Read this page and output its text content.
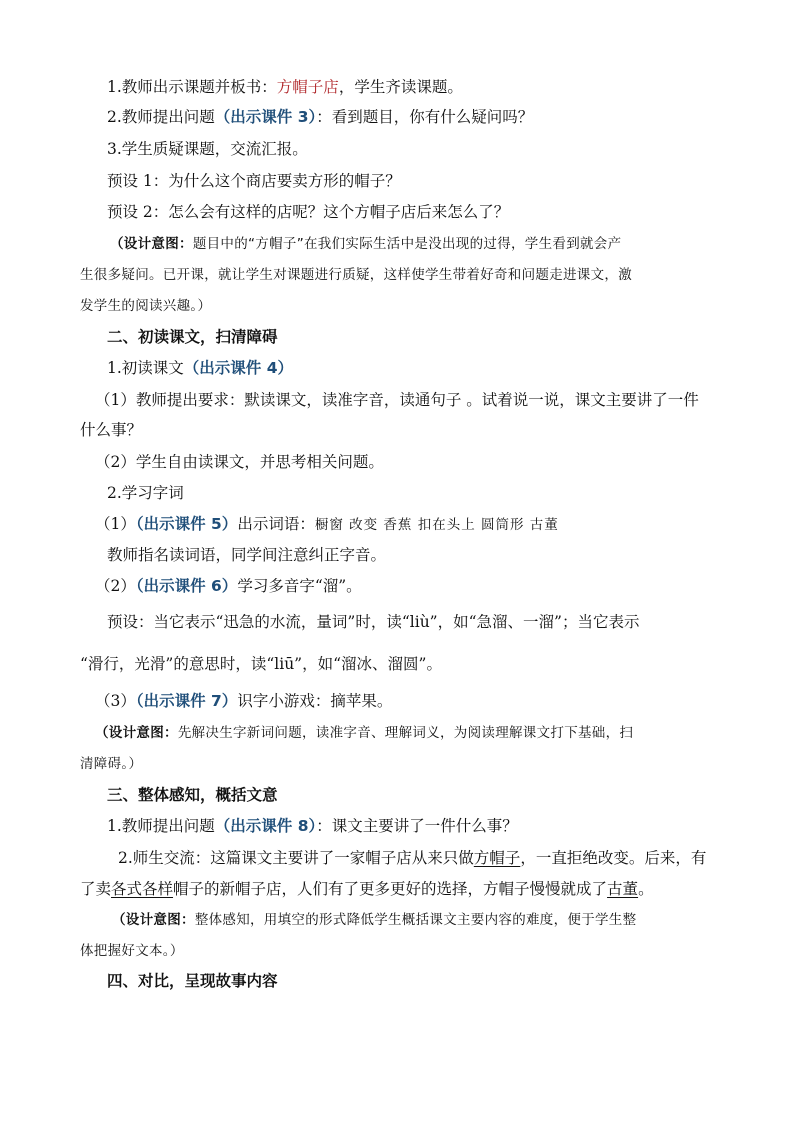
1.教师出示课题并板书：方帽子店，学生齐读课题。
2.教师提出问题（出示课件 3）：看到题目，你有什么疑问吗？
3.学生质疑课题，交流汇报。
预设 1：为什么这个商店要卖方形的帽子？
预设 2：怎么会有这样的店呢？这个方帽子店后来怎么了？
（设计意图：题目中的“方帽子”在我们实际生活中是没出现的过得，学生看到就会产
生很多疑问。已开课，就让学生对课题进行质疑，这样使学生带着好奇和问题走进课文，激
发学生的阅读兴趣。）
二、初读课文，扫清障碍
1.初读课文（出示课件 4）
（1）教师提出要求：默读课文，读准字音，读通句子 。试着说一说，课文主要讲了一件
什么事？
（2）学生自由读课文，并思考相关问题。
2.学习字词
（1）（出示课件 5）出示词语：橱窗 改变 香蕉 扣在头上 圆筒形 古董
教师指名读词语，同学间注意纠正字音。
（2）（出示课件 6）学习多音字“溜”。
预设：当它表示“迅急的水流，量词”时，读“liù”，如“急溜、一溜”；当它表示
“滑行，光滑”的意思时，读“liū”，如“溜冰、溜圆”。
（3）（出示课件 7）识字小游戏：摘苹果。
（设计意图：先解决生字新词问题，读准字音、理解词义，为阅读理解课文打下基础，扫
清障碍。）
三、整体感知，概括文意
1.教师提出问题（出示课件 8）：课文主要讲了一件什么事？
2.师生交流：这篇课文主要讲了一家帽子店从来只做方帽子，一直拒绝改变。后来，有
了卖各式各样帽子的新帽子店，人们有了更多更好的选择，方帽子慢慢就成了古董。
（设计意图：整体感知，用填空的形式降低学生概括课文主要内容的难度，便于学生整
体把握好文本。）
四、对比，呈现故事内容
